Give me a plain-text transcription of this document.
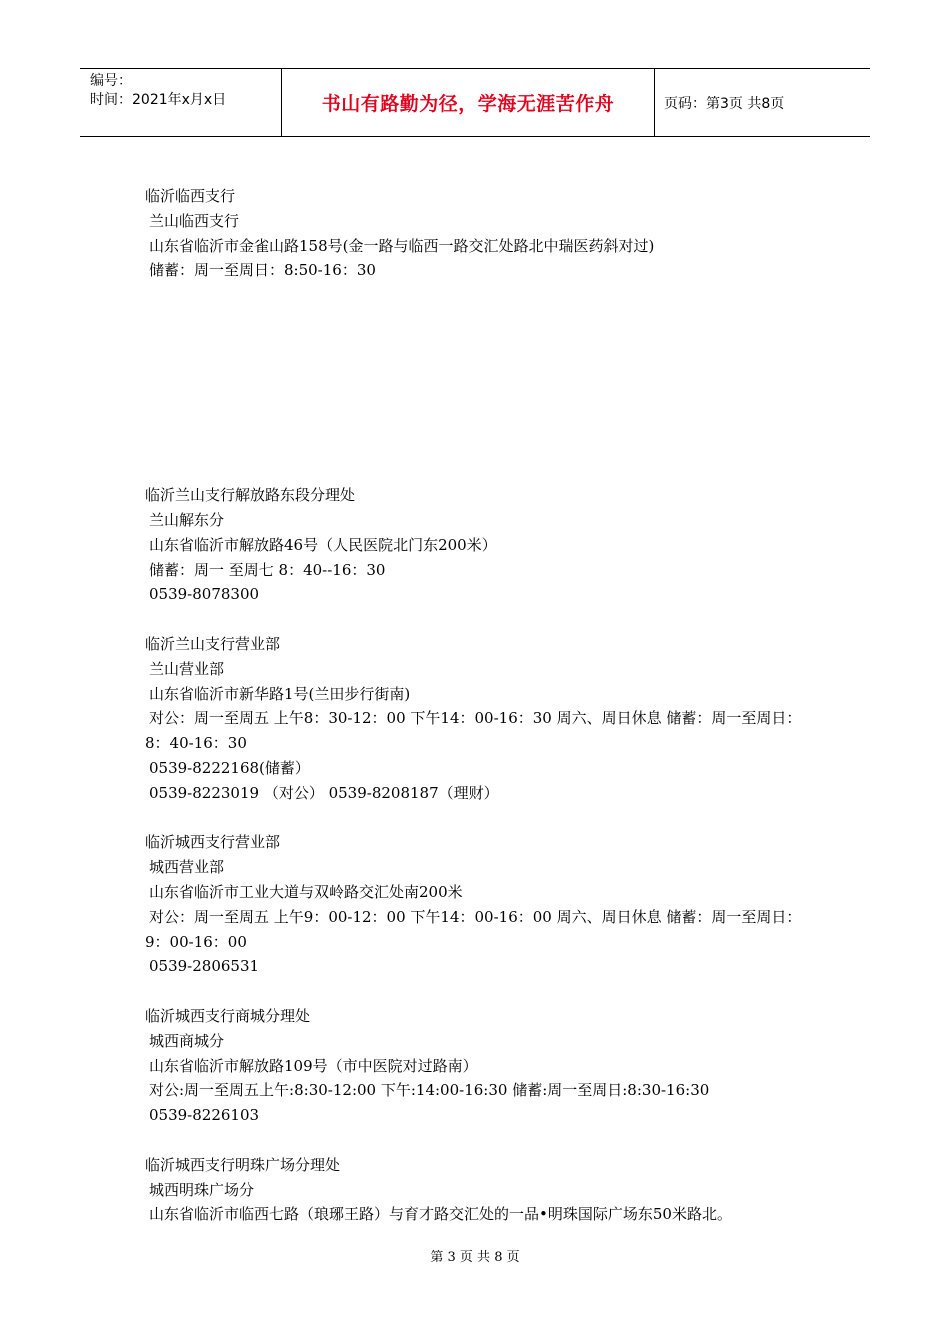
编号：
时间：2021年x月x日	书山有路勤为径，学海无涯苦作舟	页码：第3页 共8页
临沂临西支行
兰山临西支行
山东省临沂市金雀山路158号(金一路与临西一路交汇处路北中瑞医药斜对过)
储蓄：周一至周日：8:50-16：30
临沂兰山支行解放路东段分理处
兰山解东分
山东省临沂市解放路46号（人民医院北门东200米）
储蓄：周一 至周七 8：40--16：30
0539-8078300
临沂兰山支行营业部
兰山营业部
山东省临沂市新华路1号(兰田步行街南)
对公：周一至周五 上午8：30-12：00 下午14：00-16：30 周六、周日休息 储蓄：周一至周日：8：40-16：30
0539-8222168(储蓄）
0539-8223019 （对公） 0539-8208187（理财）
临沂城西支行营业部
城西营业部
山东省临沂市工业大道与双岭路交汇处南200米
对公：周一至周五 上午9：00-12：00 下午14：00-16：00 周六、周日休息 储蓄：周一至周日：9：00-16：00
0539-2806531
临沂城西支行商城分理处
城西商城分
山东省临沂市解放路109号（市中医院对过路南）
对公:周一至周五上午:8:30-12:00 下午:14:00-16:30 储蓄:周一至周日:8:30-16:30
0539-8226103
临沂城西支行明珠广场分理处
城西明珠广场分
山东省临沂市临西七路（琅琊王路）与育才路交汇处的一品•明珠国际广场东50米路北。
第 3 页 共 8 页
